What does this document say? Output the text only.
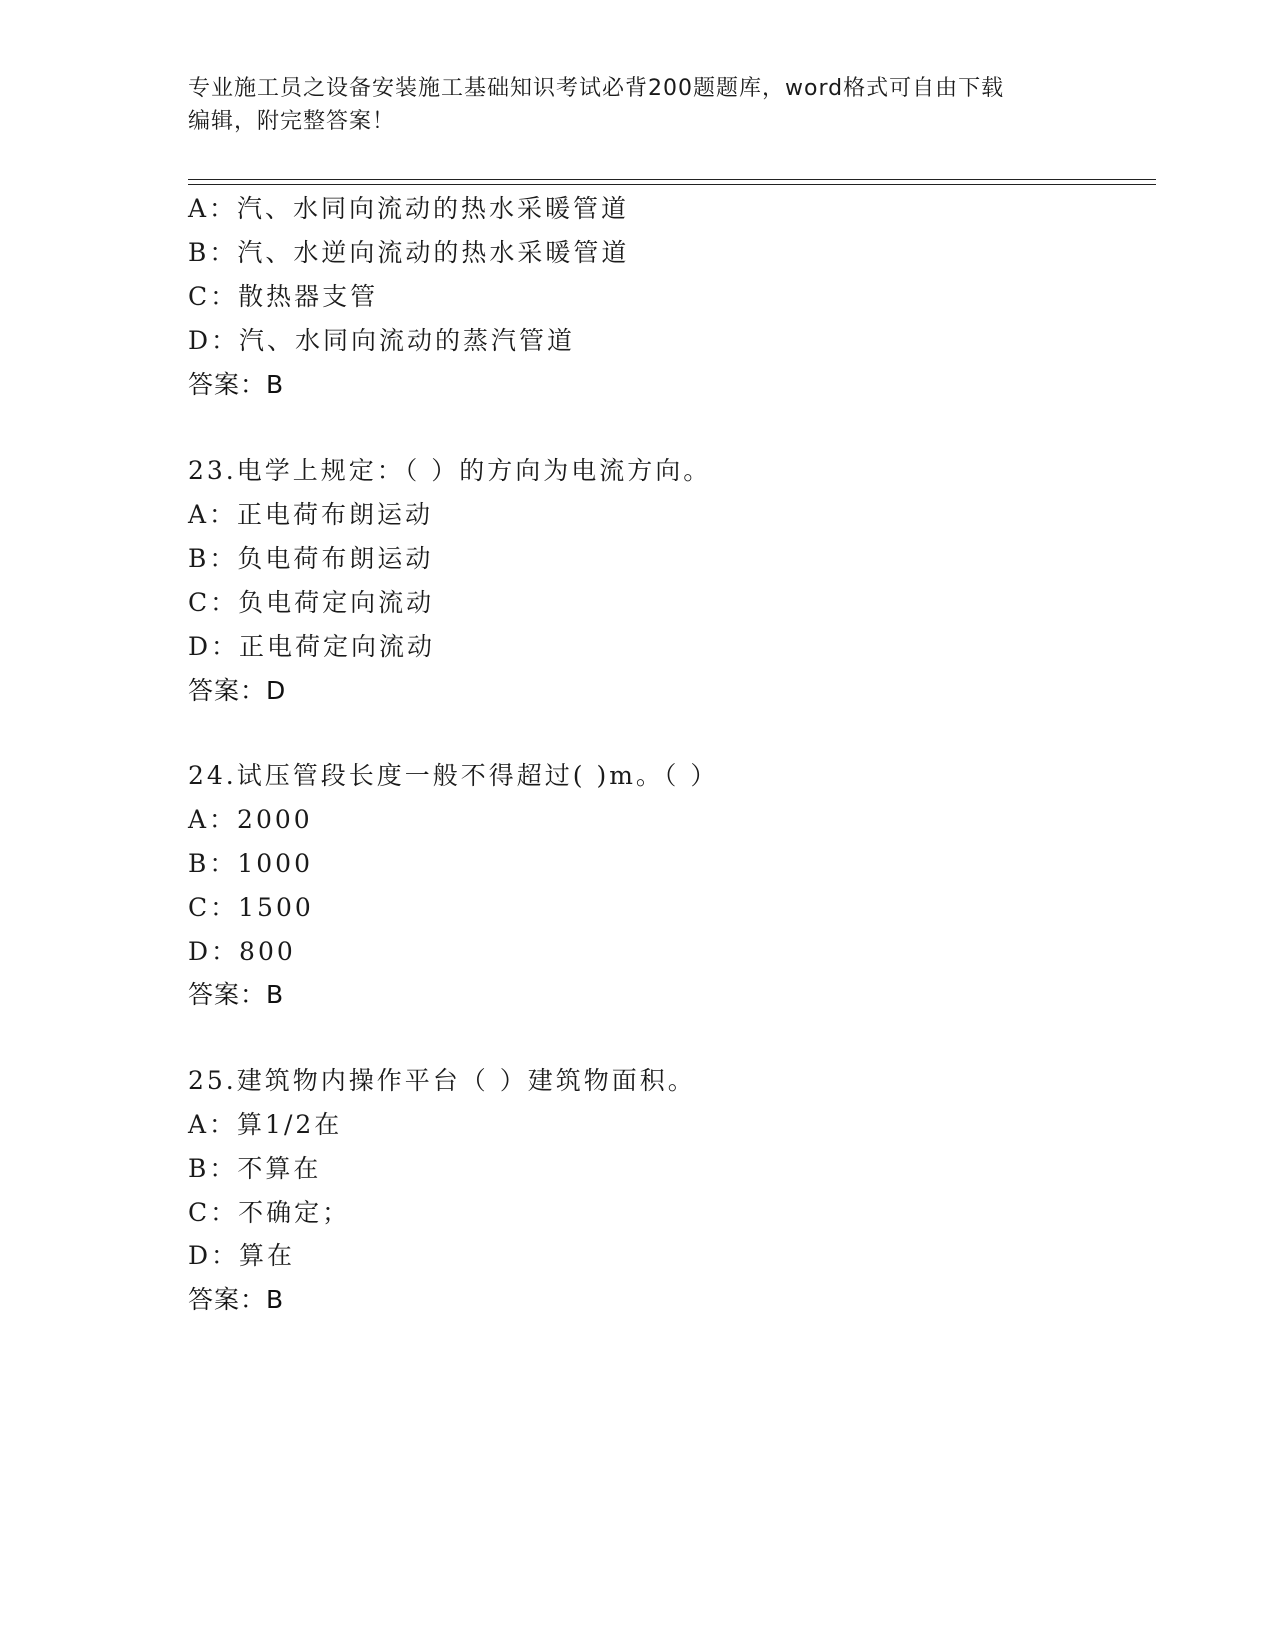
专业施工员之设备安装施工基础知识考试必背200题题库，word格式可自由下载
编辑，附完整答案！
A：汽、水同向流动的热水采暖管道
B：汽、水逆向流动的热水采暖管道
C：散热器支管
D：汽、水同向流动的蒸汽管道
答案：B
23.电学上规定：（ ）的方向为电流方向。
A：正电荷布朗运动
B：负电荷布朗运动
C：负电荷定向流动
D：正电荷定向流动
答案：D
24.试压管段长度一般不得超过( )m。（ ）
A：2000
B：1000
C：1500
D：800
答案：B
25.建筑物内操作平台（ ）建筑物面积。
A：算1/2在
B：不算在
C：不确定；
D：算在
答案：B
